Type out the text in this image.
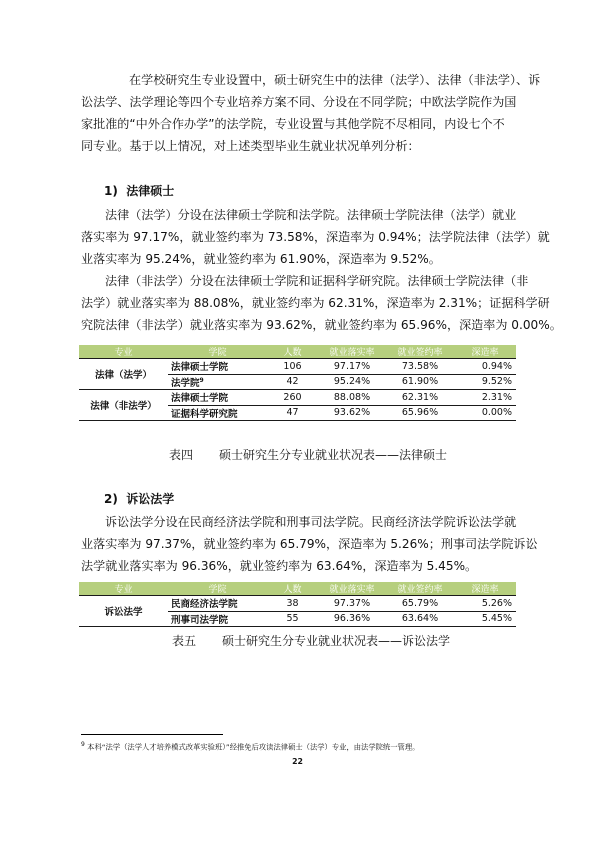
在学校研究生专业设置中，硕士研究生中的法律（法学）、法律（非法学）、诉
讼法学、法学理论等四个专业培养方案不同、分设在不同学院；中欧法学院作为国
家批准的“中外合作办学”的法学院，专业设置与其他学院不尽相同，内设七个不
同专业。基于以上情况，对上述类型毕业生就业状况单列分析：

1)  法律硕士

法律（法学）分设在法律硕士学院和法学院。法律硕士学院法律（法学）就业
落实率为 97.17%，就业签约率为 73.58%，深造率为 0.94%；法学院法律（法学）就
业落实率为 95.24%，就业签约率为 61.90%，深造率为 9.52%。

法律（非法学）分设在法律硕士学院和证据科学研究院。法律硕士学院法律（非
法学）就业落实率为 88.08%，就业签约率为 62.31%，深造率为 2.31%；证据科学研
究院法律（非法学）就业落实率为 93.62%，就业签约率为 65.96%，深造率为 0.00%。

专业	学院	人数	就业落实率	就业签约率	深造率
法律（法学）	法律硕士学院	106	97.17%	73.58%	0.94%
	法学院$^9$	42	95.24%	61.90%	9.52%
法律（非法学）	法律硕士学院	260	88.08%	62.31%	2.31%
	证据科学研究院	47	93.62%	65.96%	0.00%

表四 硕士研究生分专业就业状况表——法律硕士

2)  诉讼法学

诉讼法学分设在民商经济法学院和刑事司法学院。民商经济法学院诉讼法学就
业落实率为 97.37%，就业签约率为 65.79%，深造率为 5.26%；刑事司法学院诉讼
法学就业落实率为 96.36%，就业签约率为 63.64%，深造率为 5.45%。

专业	学院	人数	就业落实率	就业签约率	深造率
诉讼法学	民商经济法学院	38	97.37%	65.79%	5.26%
	刑事司法学院	55	96.36%	63.64%	5.45%

表五 硕士研究生分专业就业状况表——诉讼法学

$^9$ 本科“法学（法学人才培养模式改革实验班）”经推免后攻读法律硕士（法学）专业，由法学院统一管理。

22
